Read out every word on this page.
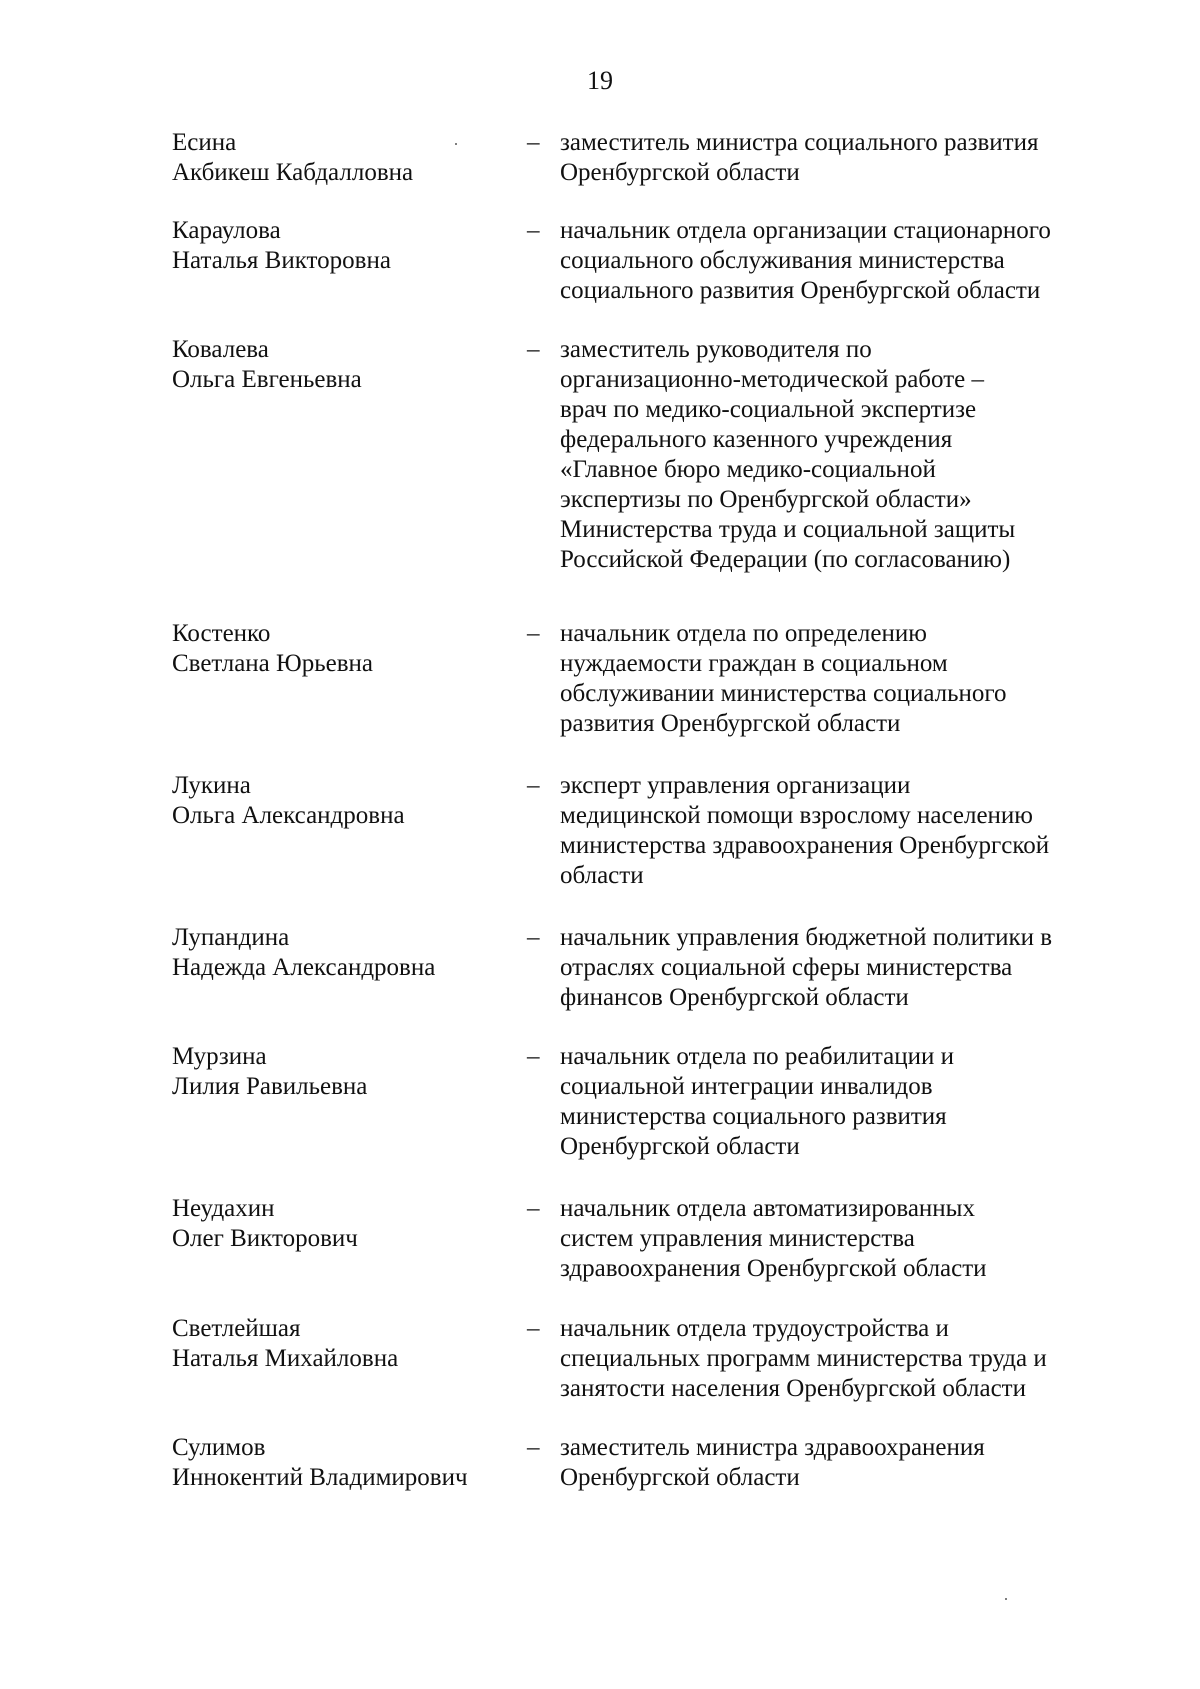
19
Есина
Акбикеш Кабдалловна
– заместитель министра социального развития
Оренбургской области
Караулова
Наталья Викторовна
– начальник отдела организации стационарного
социального обслуживания министерства
социального развития Оренбургской области
Ковалева
Ольга Евгеньевна
– заместитель руководителя по
организационно-методической работе –
врач по медико-социальной экспертизе
федерального казенного учреждения
«Главное бюро медико-социальной
экспертизы по Оренбургской области»
Министерства труда и социальной защиты
Российской Федерации (по согласованию)
Костенко
Светлана Юрьевна
– начальник отдела по определению
нуждаемости граждан в социальном
обслуживании министерства социального
развития Оренбургской области
Лукина
Ольга Александровна
– эксперт управления организации
медицинской помощи взрослому населению
министерства здравоохранения Оренбургской
области
Лупандина
Надежда Александровна
– начальник управления бюджетной политики в
отраслях социальной сферы министерства
финансов Оренбургской области
Мурзина
Лилия Равильевна
– начальник отдела по реабилитации и
социальной интеграции инвалидов
министерства социального развития
Оренбургской области
Неудахин
Олег Викторович
– начальник отдела автоматизированных
систем управления министерства
здравоохранения Оренбургской области
Светлейшая
Наталья Михайловна
– начальник отдела трудоустройства и
специальных программ министерства труда и
занятости населения Оренбургской области
Сулимов
Иннокентий Владимирович
– заместитель министра здравоохранения
Оренбургской области
